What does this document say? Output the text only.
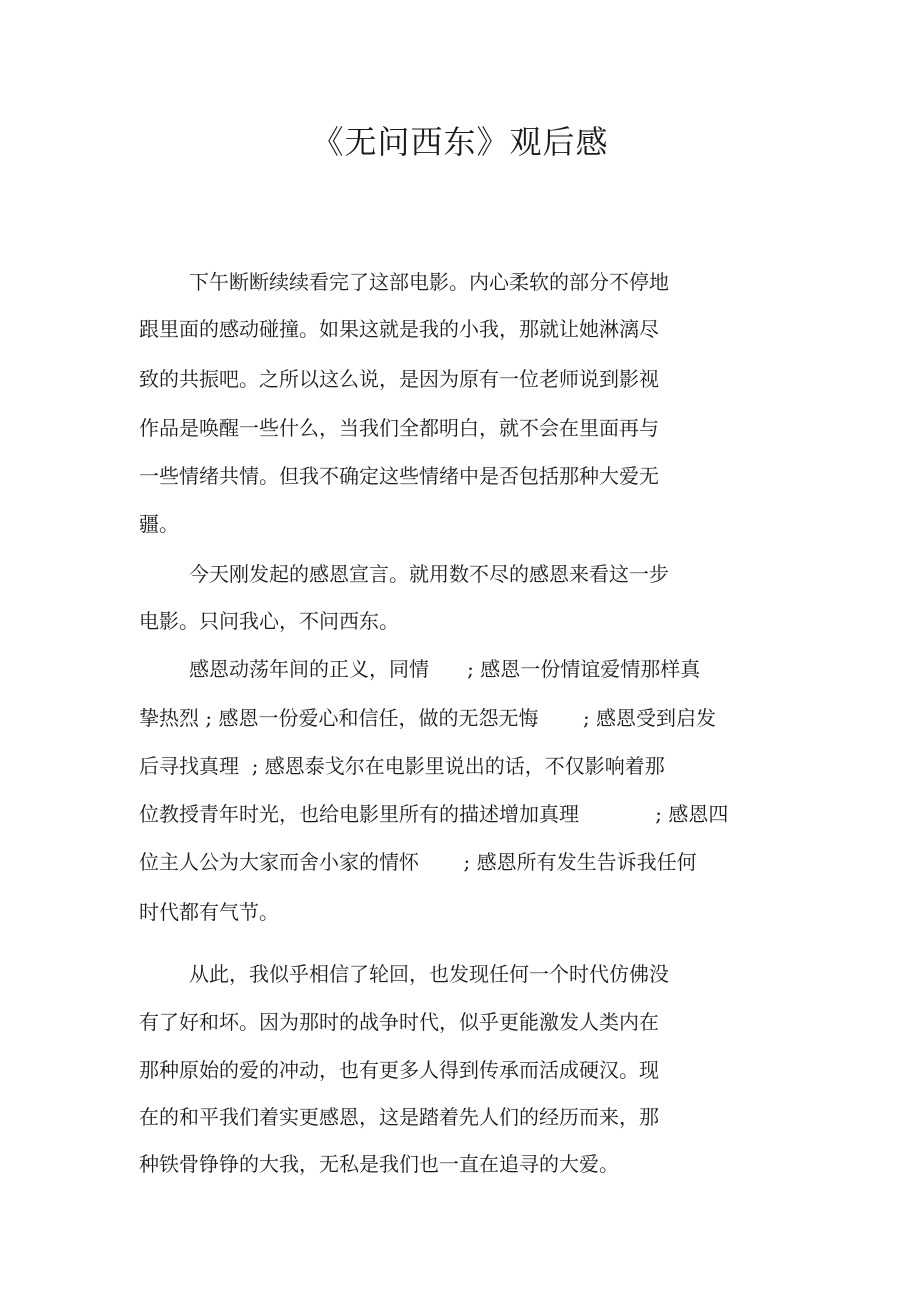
《无问西东》观后感

下午断断续续看完了这部电影。内心柔软的部分不停地

跟里面的感动碰撞。如果这就是我的小我，那就让她淋漓尽

致的共振吧。之所以这么说，是因为原有一位老师说到影视

作品是唤醒一些什么，当我们全都明白，就不会在里面再与

一些情绪共情。但我不确定这些情绪中是否包括那种大爱无

疆。

今天刚发起的感恩宣言。就用数不尽的感恩来看这一步

电影。只问我心，不问西东。

感恩动荡年间的正义，同情      ; 感恩一份情谊爱情那样真

挚热烈 ; 感恩一份爱心和信任，做的无怨无悔       ; 感恩受到启发

后寻找真理  ; 感恩泰戈尔在电影里说出的话，不仅影响着那

位教授青年时光，也给电影里所有的描述增加真理            ; 感恩四

位主人公为大家而舍小家的情怀       ; 感恩所有发生告诉我任何

时代都有气节。

从此，我似乎相信了轮回，也发现任何一个时代仿佛没

有了好和坏。因为那时的战争时代，似乎更能激发人类内在

那种原始的爱的冲动，也有更多人得到传承而活成硬汉。现

在的和平我们着实更感恩，这是踏着先人们的经历而来，那

种铁骨铮铮的大我，无私是我们也一直在追寻的大爱。
